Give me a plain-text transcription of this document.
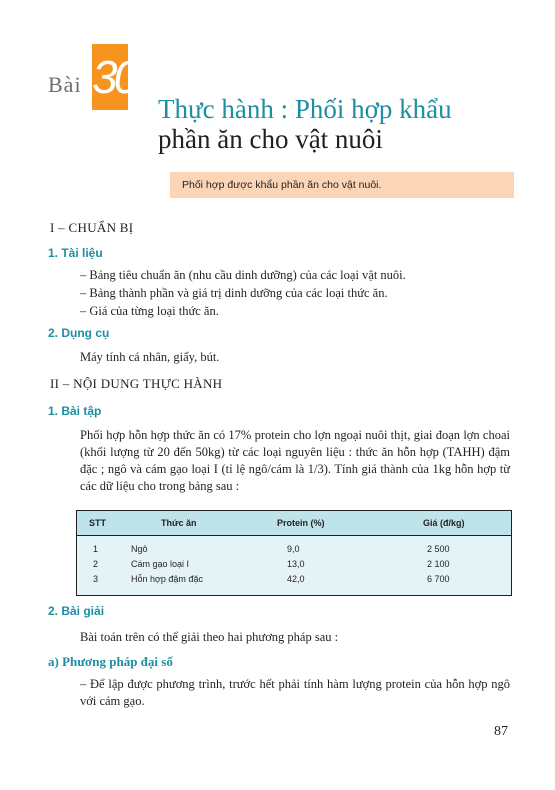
Bài 30
Thực hành : Phối hợp khẩu
phần ăn cho vật nuôi
Phối hợp được khẩu phần ăn cho vật nuôi.
I – CHUẨN BỊ
1. Tài liệu
– Bảng tiêu chuẩn ăn (nhu cầu dinh dưỡng) của các loại vật nuôi.
– Bảng thành phần và giá trị dinh dưỡng của các loại thức ăn.
– Giá của từng loại thức ăn.
2. Dụng cụ
Máy tính cá nhân, giấy, bút.
II – NỘI DUNG THỰC HÀNH
1. Bài tập
Phối hợp hỗn hợp thức ăn có 17% protein cho lợn ngoại nuôi thịt, giai đoạn lợn choai (khối lượng từ 20 đến 50kg) từ các loại nguyên liệu : thức ăn hỗn hợp (TAHH) đậm đặc ; ngô và cám gạo loại I (tỉ lệ ngô/cám là 1/3). Tính giá thành của 1kg hỗn hợp từ các dữ liệu cho trong bảng sau :
STT	Thức ăn	Protein (%)	Giá (đ/kg)
1	Ngô	9,0	2 500
2	Cám gạo loại I	13,0	2 100
3	Hỗn hợp đậm đặc	42,0	6 700
2. Bài giải
Bài toán trên có thể giải theo hai phương pháp sau :
a) Phương pháp đại số
– Để lập được phương trình, trước hết phải tính hàm lượng protein của hỗn hợp ngô với cám gạo.
87
